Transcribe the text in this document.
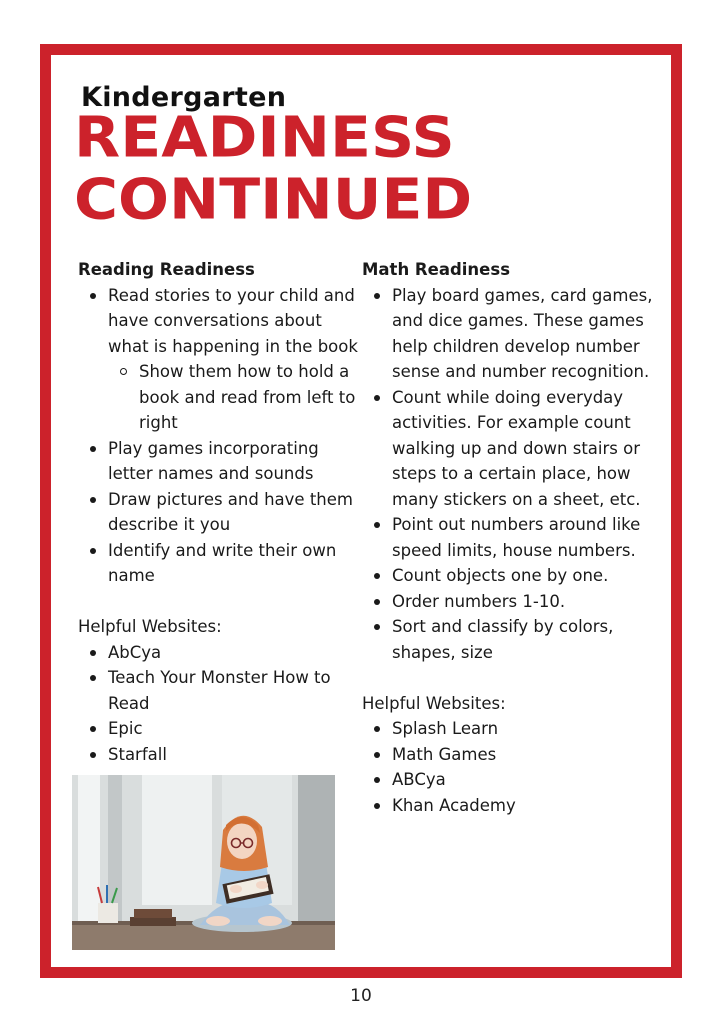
Kindergarten
READINESS
CONTINUED

Reading Readiness

Read stories to your child and have conversations about what is happening in the book
Show them how to hold a book and read from left to right
Play games incorporating letter names and sounds
Draw pictures and have them describe it you
Identify and write their own name

Helpful Websites:

AbCya
Teach Your Monster How to Read
Epic
Starfall

Math Readiness

Play board games, card games, and dice games. These games help children develop number sense and number recognition.
Count while doing everyday activities. For example count walking up and down stairs or steps to a certain place, how many stickers on a sheet, etc.
Point out numbers around like speed limits, house numbers.
Count objects one by one.
Order numbers 1-10.
Sort and classify by colors, shapes, size

Helpful Websites:

Splash Learn
Math Games
ABCya
Khan Academy
10
